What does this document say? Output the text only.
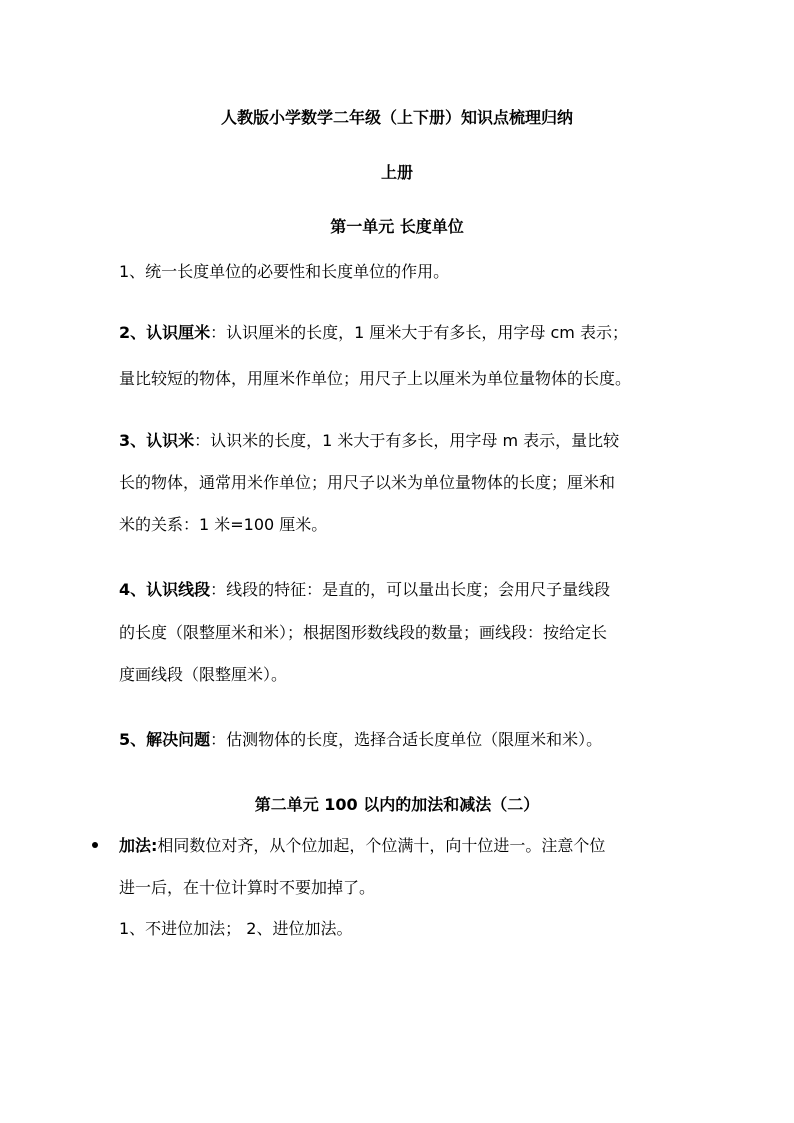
人教版小学数学二年级（上下册）知识点梳理归纳
上册
第一单元 长度单位
1、统一长度单位的必要性和长度单位的作用。
2、认识厘米：认识厘米的长度，1 厘米大于有多长，用字母 cm 表示；
量比较短的物体，用厘米作单位；用尺子上以厘米为单位量物体的长度。
3、认识米：认识米的长度，1 米大于有多长，用字母 m 表示，量比较
长的物体，通常用米作单位；用尺子以米为单位量物体的长度；厘米和
米的关系：1 米=100 厘米。
4、认识线段：线段的特征：是直的，可以量出长度；会用尺子量线段
的长度（限整厘米和米）；根据图形数线段的数量；画线段：按给定长
度画线段（限整厘米）。
5、解决问题：估测物体的长度，选择合适长度单位（限厘米和米）。
第二单元 100 以内的加法和减法（二）
加法:相同数位对齐，从个位加起，个位满十，向十位进一。注意个位
进一后，在十位计算时不要加掉了。
1、不进位加法； 2、进位加法。
